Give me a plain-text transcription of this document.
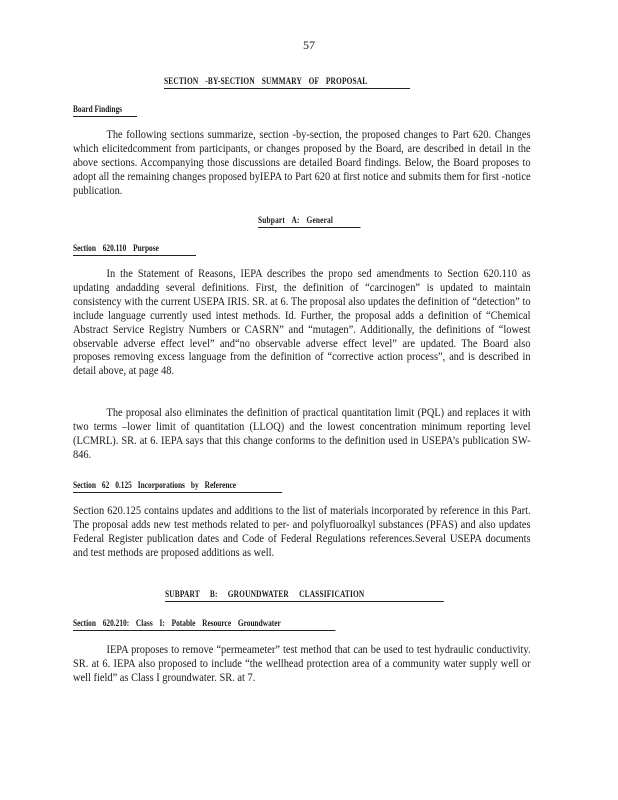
57
SECTION -BY-SECTION SUMMARY OF PROPOSAL
Board Findings
The following sections summarize, section -by-section, the proposed changes to Part 620. Changes which elicitedcomment from participants, or changes proposed by the Board, are described in detail in the above sections. Accompanying those discussions are detailed Board findings. Below, the Board proposes to adopt all the remaining changes proposed byIEPA to Part 620 at first notice and submits them for first -notice publication.
Subpart A: General
Section 620.110 Purpose
In the Statement of Reasons, IEPA describes the propo sed amendments to Section 620.110 as updating andadding several definitions. First, the definition of “carcinogen” is updated to maintain consistency with the current USEPA IRIS. SR. at 6. The proposal also updates the definition of “detection” to include language currently used intest methods. Id. Further, the proposal adds a definition of “Chemical Abstract Service Registry Numbers or CASRN” and “mutagen”. Additionally, the definitions of “lowest observable adverse effect level” and“no observable adverse effect level” are updated. The Board also proposes removing excess language from the definition of “corrective action process”, and is described in detail above, at page 48.
The proposal also eliminates the definition of practical quantitation limit (PQL) and replaces it with two terms –lower limit of quantitation (LLOQ) and the lowest concentration minimum reporting level (LCMRL). SR. at 6. IEPA says that this change conforms to the definition used in USEPA’s publication SW-846.
Section 62 0.125 Incorporations by Reference
Section 620.125 contains updates and additions to the list of materials incorporated by reference in this Part. The proposal adds new test methods related to per- and polyfluoroalkyl substances (PFAS) and also updates Federal Register publication dates and Code of Federal Regulations references.Several USEPA documents and test methods are proposed additions as well.
SUBPART B: GROUNDWATER CLASSIFICATION
Section 620.210: Class I: Potable Resource Groundwater
IEPA proposes to remove “permeameter” test method that can be used to test hydraulic conductivity. SR. at 6. IEPA also proposed to include “the wellhead protection area of a community water supply well or well field” as Class I groundwater. SR. at 7.
